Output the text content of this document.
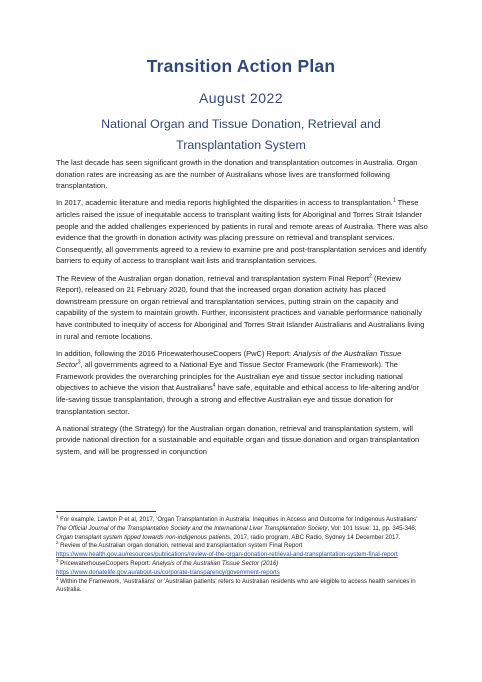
Transition Action Plan
August 2022
National Organ and Tissue Donation, Retrieval and Transplantation System

The last decade has seen significant growth in the donation and transplantation outcomes in Australia. Organ donation rates are increasing as are the number of Australians whose lives are transformed following transplantation.

In 2017, academic literature and media reports highlighted the disparities in access to transplantation.$^1$ These articles raised the issue of inequitable access to transplant waiting lists for Aboriginal and Torres Strait Islander people and the added challenges experienced by patients in rural and remote areas of Australia. There was also evidence that the growth in donation activity was placing pressure on retrieval and transplant services. Consequently, all governments agreed to a review to examine pre and post-transplantation services and identify barriers to equity of access to transplant wait lists and transplantation services.

The Review of the Australian organ donation, retrieval and transplantation system Final Report$^2$ (Review Report), released on 21 February 2020, found that the increased organ donation activity has placed downstream pressure on organ retrieval and transplantation services, putting strain on the capacity and capability of the system to maintain growth. Further, inconsistent practices and variable performance nationally have contributed to inequity of access for Aboriginal and Torres Strait Islander Australians and Australians living in rural and remote locations.

In addition, following the 2016 PricewaterhouseCoopers (PwC) Report: Analysis of the Australian Tissue Sector$^3$, all governments agreed to a National Eye and Tissue Sector Framework (the Framework). The Framework provides the overarching principles for the Australian eye and tissue sector including national objectives to achieve the vision that Australians$^4$ have safe, equitable and ethical access to life-altering and/or life-saving tissue transplantation, through a strong and effective Australian eye and tissue donation for transplantation sector.

A national strategy (the Strategy) for the Australian organ donation, retrieval and transplantation system, will provide national direction for a sustainable and equitable organ and tissue donation and organ transplantation system, and will be progressed in conjunction

$^1$ For example, Lawton P et al, 2017, 'Organ Transplantation in Australia: Inequities in Access and Outcome for Indigenous Australians' The Official Journal of the Transplantation Society and the International Liver Transplantation Society, Vol: 101 Issue: 11, pp. 345-346; Organ transplant system tipped towards non-indigenous patients, 2017, radio program, ABC Radio, Sydney 14 December 2017.

$^2$ Review of the Australian organ donation, retrieval and transplantation system Final Report
https://www.health.gov.au/resources/publications/review-of-the-organ-donation-retrieval-and-transplantation-system-final-report

$^3$ PricewaterhouseCoopers Report: Analysis of the Australian Tissue Sector (2016)
https://www.donatelife.gov.au/about-us/corporate-transparency/government-reports

$^4$ Within the Framework, 'Australians' or 'Australian patients' refers to Australian residents who are eligible to access health services in Australia.
